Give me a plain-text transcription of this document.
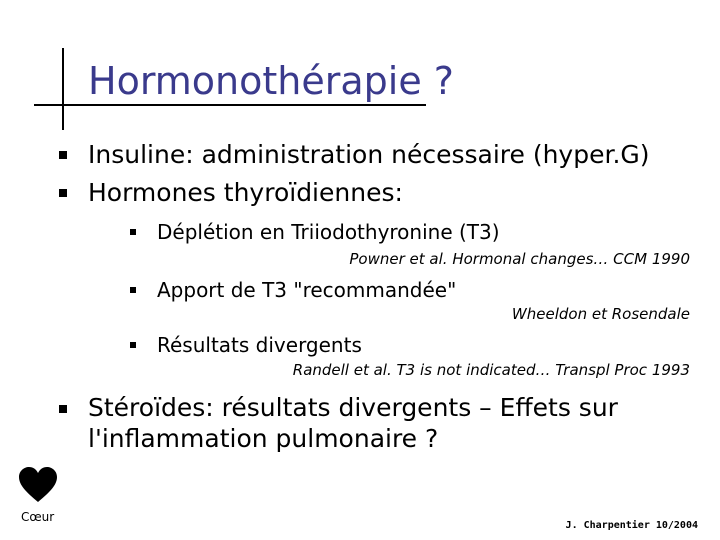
Hormonothérapie ?
Insuline: administration nécessaire (hyper.G)
Hormones thyroïdiennes:
Déplétion en Triiodothyronine (T3)
Powner et al. Hormonal changes… CCM 1990
Apport de T3 "recommandée"
Wheeldon et Rosendale
Résultats divergents
Randell et al. T3 is not indicated… Transpl Proc 1993
Stéroïdes: résultats divergents – Effets sur
l'inflammation pulmonaire ?
Cœur
J. Charpentier 10/2004
